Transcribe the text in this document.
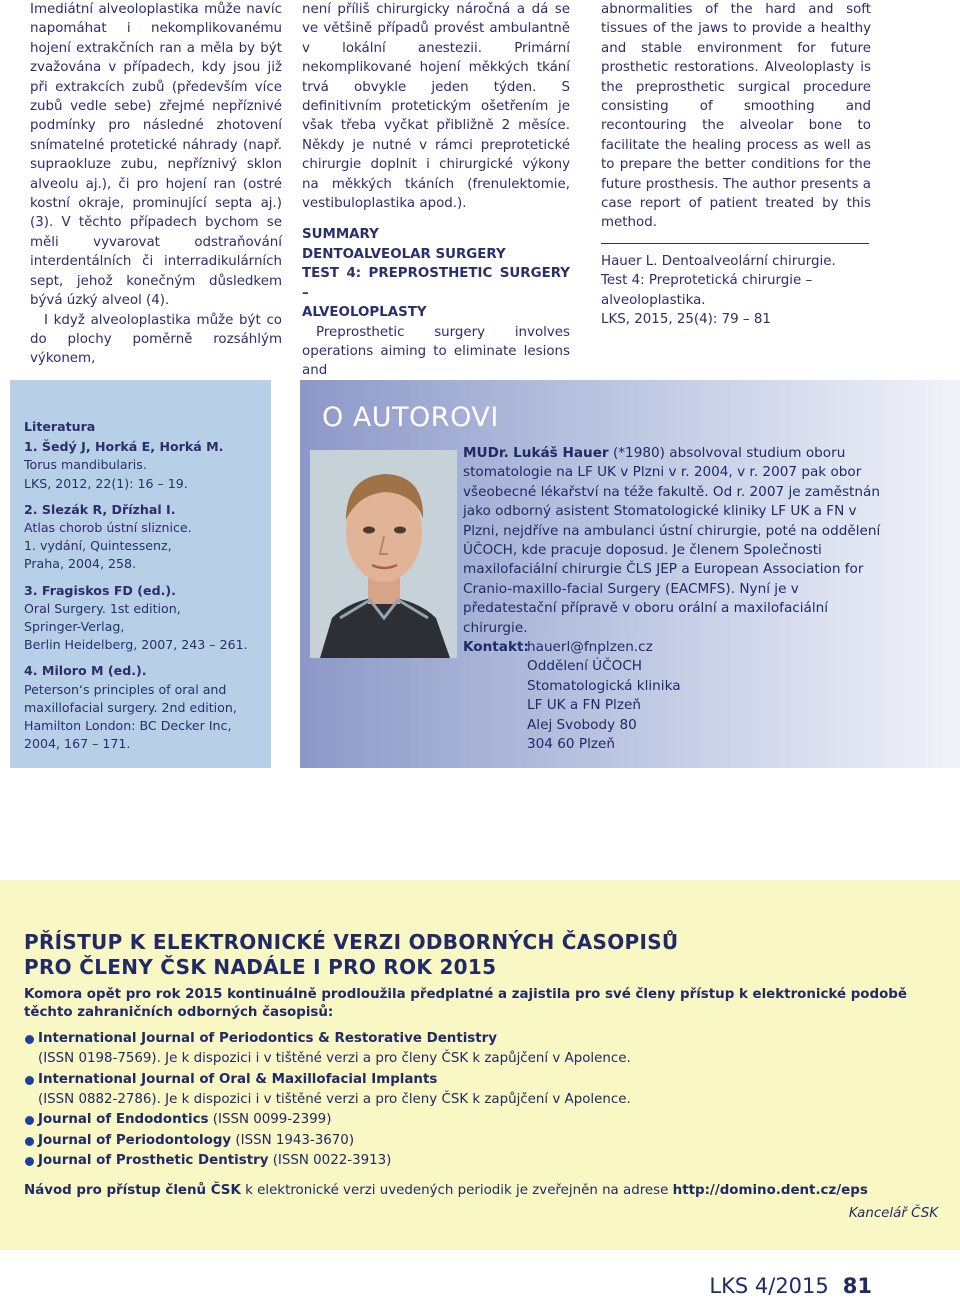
Imediátní alveoloplastika může navíc napomáhat i nekomplikovanému hojení extrakčních ran a měla by být zvažována v případech, kdy jsou již při extrakcích zubů (především více zubů vedle sebe) zřejmé nepříznivé podmínky pro následné zhotovení snímatelné protetické náhrady (např. supraokluze zubu, nepříznivý sklon alveolu aj.), či pro hojení ran (ostré kostní okraje, prominující septa aj.) (3). V těchto případech bychom se měli vyvarovat odstraňování interdentálních či interradikulárních sept, jehož konečným důsledkem bývá úzký alveol (4).

I když alveoloplastika může být co do plochy poměrně rozsáhlým výkonem,

není příliš chirurgicky náročná a dá se ve většině případů provést ambulantně v lokální anestezii. Primární nekomplikované hojení měkkých tkání trvá obvykle jeden týden. S definitivním protetickým ošetřením je však třeba vyčkat přibližně 2 měsíce. Někdy je nutné v rámci preprotetické chirurgie doplnit i chirurgické výkony na měkkých tkáních (frenulektomie, vestibuloplastika apod.).

SUMMARY
DENTOALVEOLAR SURGERY
TEST 4: PREPROSTHETIC SURGERY –
ALVEOLOPLASTY

Preprosthetic surgery involves operations aiming to eliminate lesions and

abnormalities of the hard and soft tissues of the jaws to provide a healthy and stable environment for future prosthetic restorations. Alveoloplasty is the preprosthetic surgical procedure consisting of smoothing and recontouring the alveolar bone to facilitate the healing process as well as to prepare the better conditions for the future prosthesis. The author presents a case report of patient treated by this method.

Hauer L. Dentoalveolární chirurgie.

Test 4: Preprotetická chirurgie –

alveoloplastika.

LKS, 2015, 25(4): 79 – 81

Literatura
1. Šedý J, Horká E, Horká M.
Torus mandibularis.
LKS, 2012, 22(1): 16 – 19.
2. Slezák R, Dřízhal I.
Atlas chorob ústní sliznice.
1. vydání, Quintessenz,
Praha, 2004, 258.
3. Fragiskos FD (ed.).
Oral Surgery. 1st edition,
Springer-Verlag,
Berlin Heidelberg, 2007, 243 – 261.
4. Miloro M (ed.).
Peterson‘s principles of oral and
maxillofacial surgery. 2nd edition,
Hamilton London: BC Decker Inc,
2004, 167 – 171.
O AUTOROVI
MUDr. Lukáš Hauer (*1980) absolvoval studium oboru stomatologie na LF UK v Plzni v r. 2004, v r. 2007 pak obor všeobecné lékařství na téže fakultě. Od r. 2007 je zaměstnán jako odborný asistent Stomatologické kliniky LF UK a FN v Plzni, nejdříve na ambulanci ústní chirurgie, poté na oddělení ÚČOCH, kde pracuje doposud. Je členem Společnosti maxilofaciální chirurgie ČLS JEP a European Association for Cranio-maxillo-facial Surgery (EACMFS). Nyní je v předatestační přípravě v oboru orální a maxilofaciální chirurgie.
Kontakt:hauerl@fnplzen.cz
Oddělení ÚČOCH
Stomatologická klinika
LF UK a FN Plzeň
Alej Svobody 80
304 60 Plzeň
PŘÍSTUP K ELEKTRONICKÉ VERZI ODBORNÝCH ČASOPISŮ
PRO ČLENY ČSK NADÁLE I PRO ROK 2015
Komora opět pro rok 2015 kontinuálně prodloužila předplatné a zajistila pro své členy přístup k elektronické podobě těchto zahraničních odborných časopisů:
International Journal of Periodontics & Restorative Dentistry
(ISSN 0198-7569). Je k dispozici i v tištěné verzi a pro členy ČSK k zapůjčení v Apolence.
International Journal of Oral & Maxillofacial Implants
(ISSN 0882-2786). Je k dispozici i v tištěné verzi a pro členy ČSK k zapůjčení v Apolence.
Journal of Endodontics (ISSN 0099-2399)
Journal of Periodontology (ISSN 1943-3670)
Journal of Prosthetic Dentistry (ISSN 0022-3913)
Návod pro přístup členů ČSK k elektronické verzi uvedených periodik je zveřejněn na adrese http://domino.dent.cz/eps
Kancelář ČSK
LKS 4/2015 81
